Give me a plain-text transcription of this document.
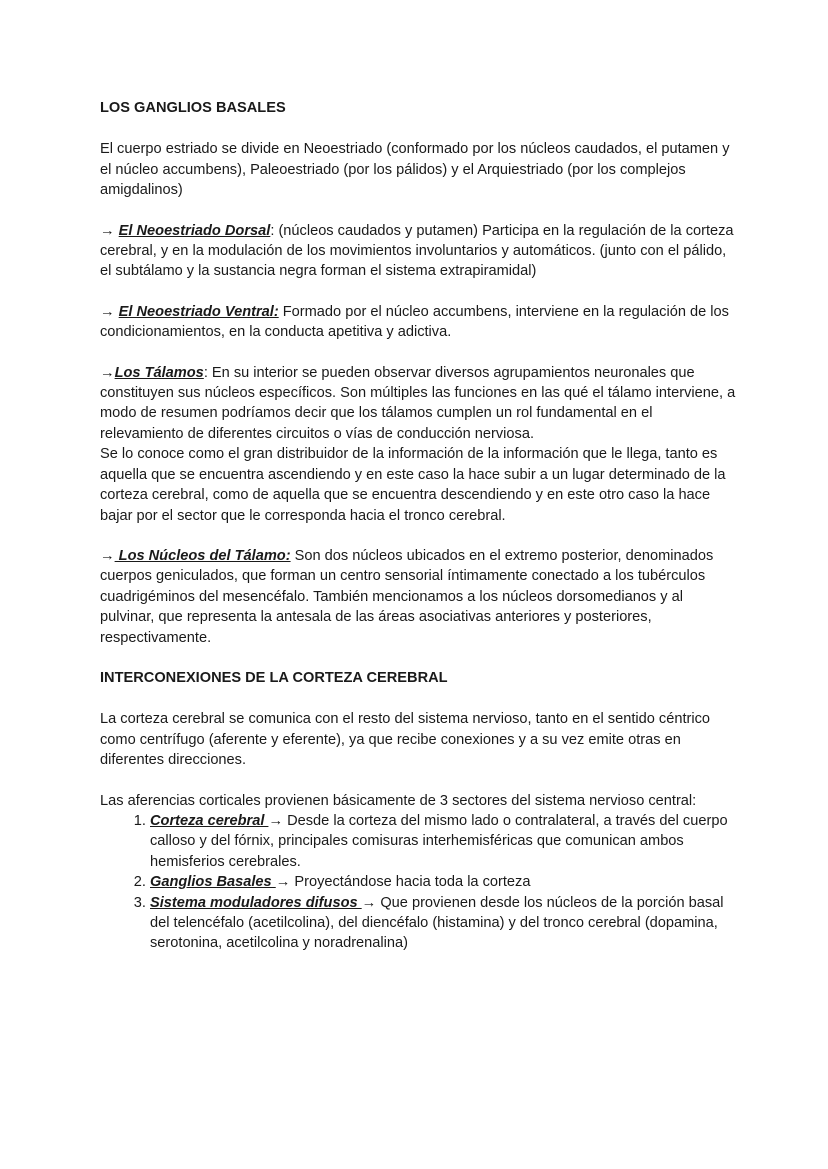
LOS GANGLIOS BASALES

El cuerpo estriado se divide en Neoestriado (conformado por los núcleos caudados, el putamen y el núcleo accumbens), Paleoestriado (por los pálidos) y el Arquiestriado (por los complejos amigdalinos)

→ El Neoestriado Dorsal: (núcleos caudados y putamen) Participa en la regulación de la corteza cerebral, y en la modulación de los movimientos involuntarios y automáticos. (junto con el pálido, el subtálamo y la sustancia negra forman el sistema extrapiramidal)

→ El Neoestriado Ventral: Formado por el núcleo accumbens, interviene en la regulación de los condicionamientos, en la conducta apetitiva y adictiva.

→Los Tálamos: En su interior se pueden observar diversos agrupamientos neuronales que constituyen sus núcleos específicos. Son múltiples las funciones en las qué el tálamo interviene, a modo de resumen podríamos decir que los tálamos cumplen un rol fundamental en el relevamiento de diferentes circuitos o vías de conducción nerviosa.

Se lo conoce como el gran distribuidor de la información de la información que le llega, tanto es aquella que se encuentra ascendiendo y en este caso la hace subir a un lugar determinado de la corteza cerebral, como de aquella que se encuentra descendiendo y en este otro caso la hace bajar por el sector que le corresponda hacia el tronco cerebral.

→ Los Núcleos del Tálamo: Son dos núcleos ubicados en el extremo posterior, denominados cuerpos geniculados, que forman un centro sensorial íntimamente conectado a los tubérculos cuadrigéminos del mesencéfalo. También mencionamos a los núcleos dorsomedianos y al pulvinar, que representa la antesala de las áreas asociativas anteriores y posteriores, respectivamente.

INTERCONEXIONES DE LA CORTEZA CEREBRAL

La corteza cerebral se comunica con el resto del sistema nervioso, tanto en el sentido céntrico como centrífugo (aferente y eferente), ya que recibe conexiones y a su vez emite otras en diferentes direcciones.

Las aferencias corticales provienen básicamente de 3 sectores del sistema nervioso central:

1. Corteza cerebral → Desde la corteza del mismo lado o contralateral, a través del cuerpo calloso y del fórnix, principales comisuras interhemisféricas que comunican ambos hemisferios cerebrales.
2. Ganglios Basales → Proyectándose hacia toda la corteza
3. Sistema moduladores difusos → Que provienen desde los núcleos de la porción basal del telencéfalo (acetilcolina), del diencéfalo (histamina) y del tronco cerebral (dopamina, serotonina, acetilcolina y noradrenalina)
